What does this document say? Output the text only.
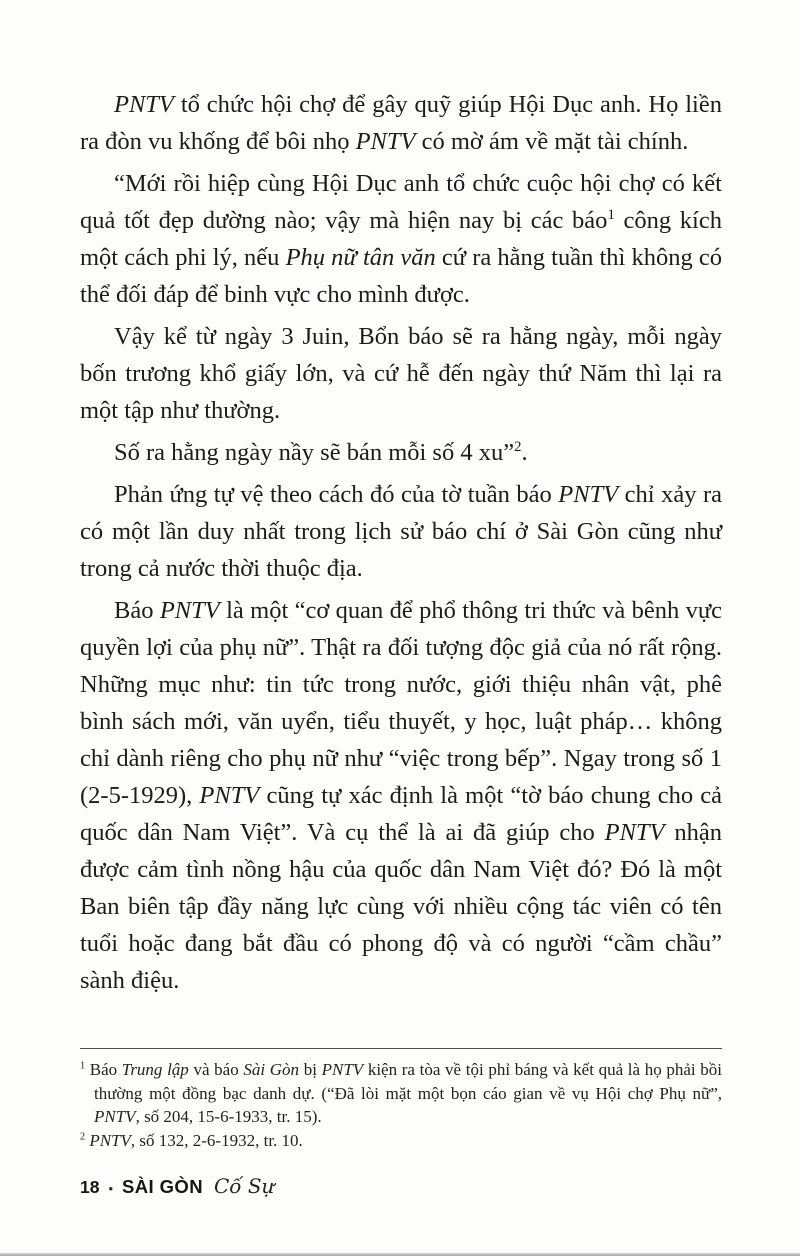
PNTV tổ chức hội chợ để gây quỹ giúp Hội Dục anh. Họ liền ra đòn vu khống để bôi nhọ PNTV có mờ ám về mặt tài chính.

“Mới rồi hiệp cùng Hội Dục anh tổ chức cuộc hội chợ có kết quả tốt đẹp dường nào; vậy mà hiện nay bị các báo$^1$ công kích một cách phi lý, nếu Phụ nữ tân văn cứ ra hằng tuần thì không có thể đối đáp để binh vực cho mình được.

Vậy kể từ ngày 3 Juin, Bổn báo sẽ ra hằng ngày, mỗi ngày bốn trương khổ giấy lớn, và cứ hễ đến ngày thứ Năm thì lại ra một tập như thường.

Số ra hằng ngày nầy sẽ bán mỗi số 4 xu”$^2$.

Phản ứng tự vệ theo cách đó của tờ tuần báo PNTV chỉ xảy ra có một lần duy nhất trong lịch sử báo chí ở Sài Gòn cũng như trong cả nước thời thuộc địa.

Báo PNTV là một “cơ quan để phổ thông tri thức và bênh vực quyền lợi của phụ nữ”. Thật ra đối tượng độc giả của nó rất rộng. Những mục như: tin tức trong nước, giới thiệu nhân vật, phê bình sách mới, văn uyển, tiểu thuyết, y học, luật pháp… không chỉ dành riêng cho phụ nữ như “việc trong bếp”. Ngay trong số 1 (2-5-1929), PNTV cũng tự xác định là một “tờ báo chung cho cả quốc dân Nam Việt”. Và cụ thể là ai đã giúp cho PNTV nhận được cảm tình nồng hậu của quốc dân Nam Việt đó? Đó là một Ban biên tập đầy năng lực cùng với nhiều cộng tác viên có tên tuổi hoặc đang bắt đầu có phong độ và có người “cầm chầu” sành điệu.

$^1$ Báo Trung lập và báo Sài Gòn bị PNTV kiện ra tòa về tội phỉ báng và kết quả là họ phải bồi thường một đồng bạc danh dự. (“Đã lòi mặt một bọn cáo gian về vụ Hội chợ Phụ nữ”, PNTV, số 204, 15-6-1933, tr. 15).

$^2$ PNTV, số 132, 2-6-1932, tr. 10.

18 • SÀI GÒN Cố Sự
